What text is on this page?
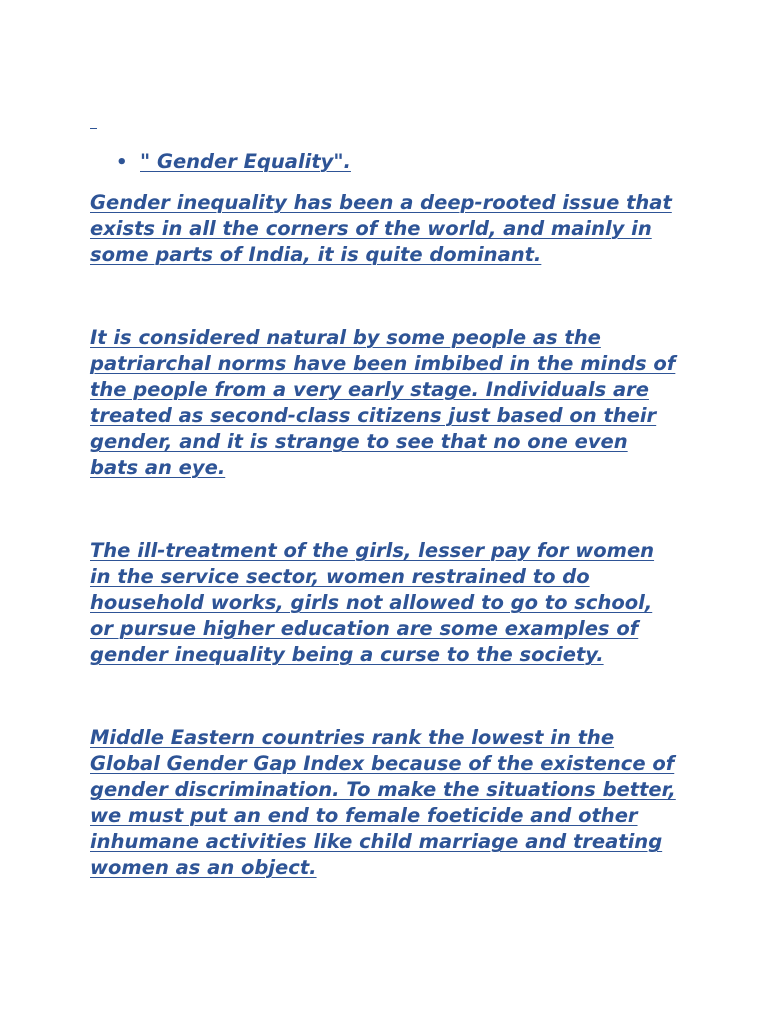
• " Gender Equality".

Gender inequality has been a deep-rooted issue that exists in all the corners of the world, and mainly in some parts of India, it is quite dominant.

It is considered natural by some people as the patriarchal norms have been imbibed in the minds of the people from a very early stage. Individuals are treated as second-class citizens just based on their gender, and it is strange to see that no one even bats an eye.

The ill-treatment of the girls, lesser pay for women in the service sector, women restrained to do household works, girls not allowed to go to school, or pursue higher education are some examples of gender inequality being a curse to the society.

Middle Eastern countries rank the lowest in the Global Gender Gap Index because of the existence of gender discrimination. To make the situations better, we must put an end to female foeticide and other inhumane activities like child marriage and treating women as an object.
